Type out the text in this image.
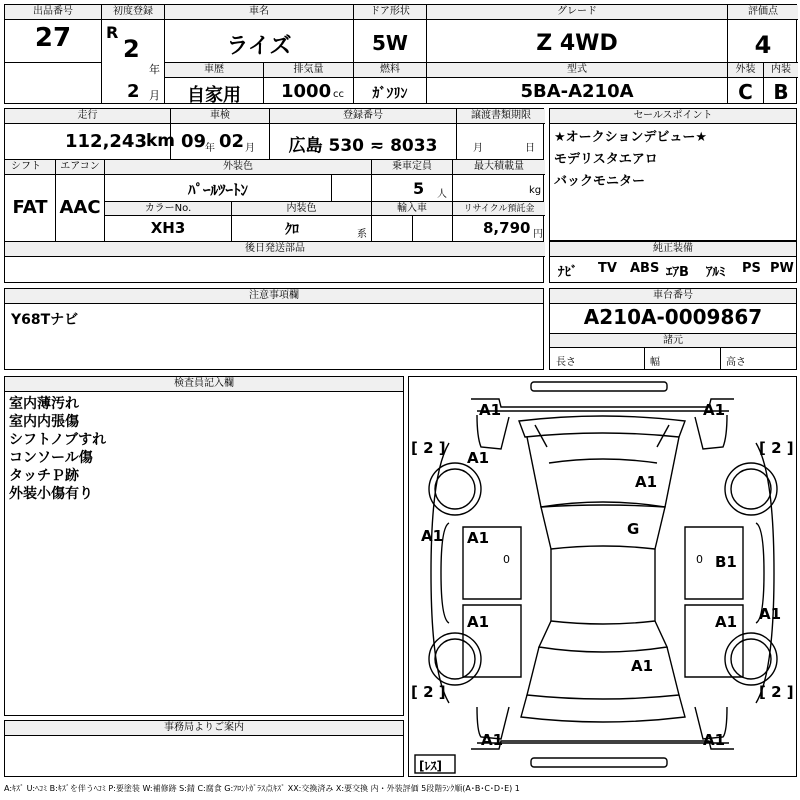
出品番号
27
初度登録
R
2
年
2 月
車名
ライズ
ドア形状
5W
グレード
Z 4WD
評価点
4
車歴
自家用
排気量
1000 cc
燃料
ｶﾞｿﾘﾝ
型式
5BA-A210A
外装	内装
C	B
走行
112,243 km
車検
09
年 02 月
登録番号
広島 530 ≂ 8033
譲渡書類期限
月	日
シフト	エアコン
FAT AAC
外装色
ﾊﾟｰﾙﾂｰﾄﾝ
乗車定員
5 人
最大積載量
kg
カラーNo.
XH3
内装色
ｸﾛ	系
輸入車	リサイクル預託金
8,790 円
後日発送部品
セールスポイント
★オークションデビュー★
モデリスタエアロ
バックモニター
純正装備
ﾅﾋﾞ TV ABS ｴｱB ｱﾙﾐ PS PW
注意事項欄
Y68Tナビ
車台番号
A210A-0009867
諸元
長さ	幅	高さ
検査員記入欄
室内薄汚れ
室内内張傷
シフトノブすれ
コンソール傷
タッチＰ跡
外装小傷有り
事務局よりご案内
A1	A1
A1
A1
A1 A1
A1
G
B1
A1
A1
A1
A1	A1
0	0
[ 2 ]	[ 2 ]
[ 2 ]	[ 2 ]
[ﾚｽ]
A:ｷｽﾞ U:ﾍｺﾐ B:ｷｽﾞを伴うﾍｺﾐ P:要塗装 W:補修跡 S:錆 C:腐食 G:ﾌﾛﾝﾄｶﾞﾗｽ点ｷｽﾞ XX:交換済み X:要交換 内・外装評価 5段階ﾗﾝｸ順(A･B･C･D･E) 1
